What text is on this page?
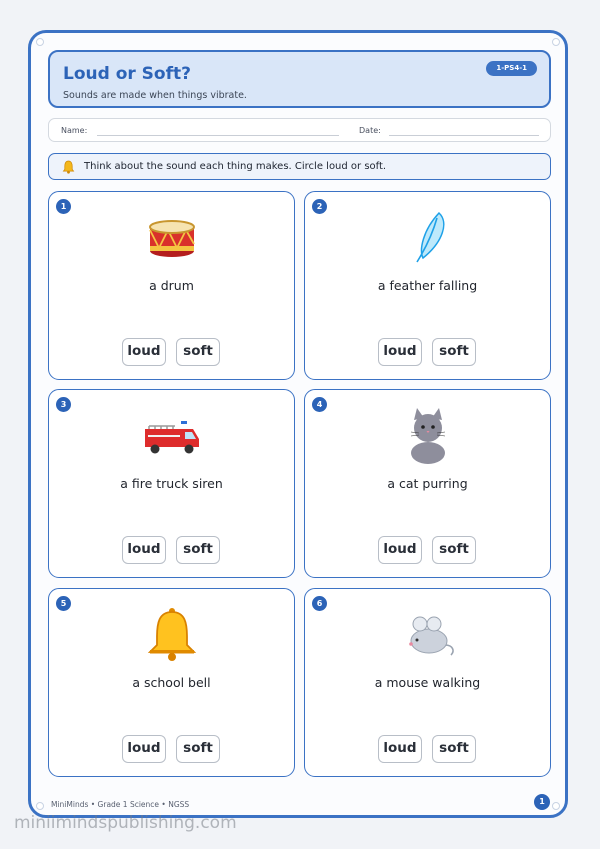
Loud or Soft?
Sounds are made when things vibrate.
1-PS4-1
Name:	Date:
Think about the sound each thing makes. Circle loud or soft.
1
a drum
loud	soft
2
a feather falling
loud	soft
3
a fire truck siren
loud	soft
4
a cat purring
loud	soft
5
a school bell
loud	soft
6
a mouse walking
loud	soft
MiniMinds • Grade 1 Science • NGSS	1
miniimindspublishing.com
